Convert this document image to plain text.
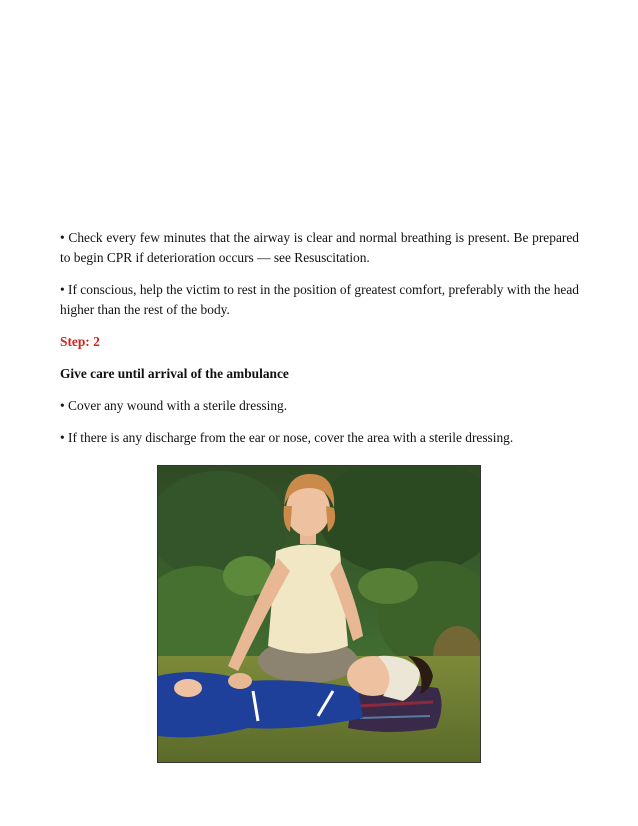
• Check every few minutes that the airway is clear and normal breathing is present. Be prepared to begin CPR if deterioration occurs — see Resuscitation.

• If conscious, help the victim to rest in the position of greatest comfort, preferably with the head higher than the rest of the body.

Step: 2

Give care until arrival of the ambulance

• Cover any wound with a sterile dressing.

• If there is any discharge from the ear or nose, cover the area with a sterile dressing.
